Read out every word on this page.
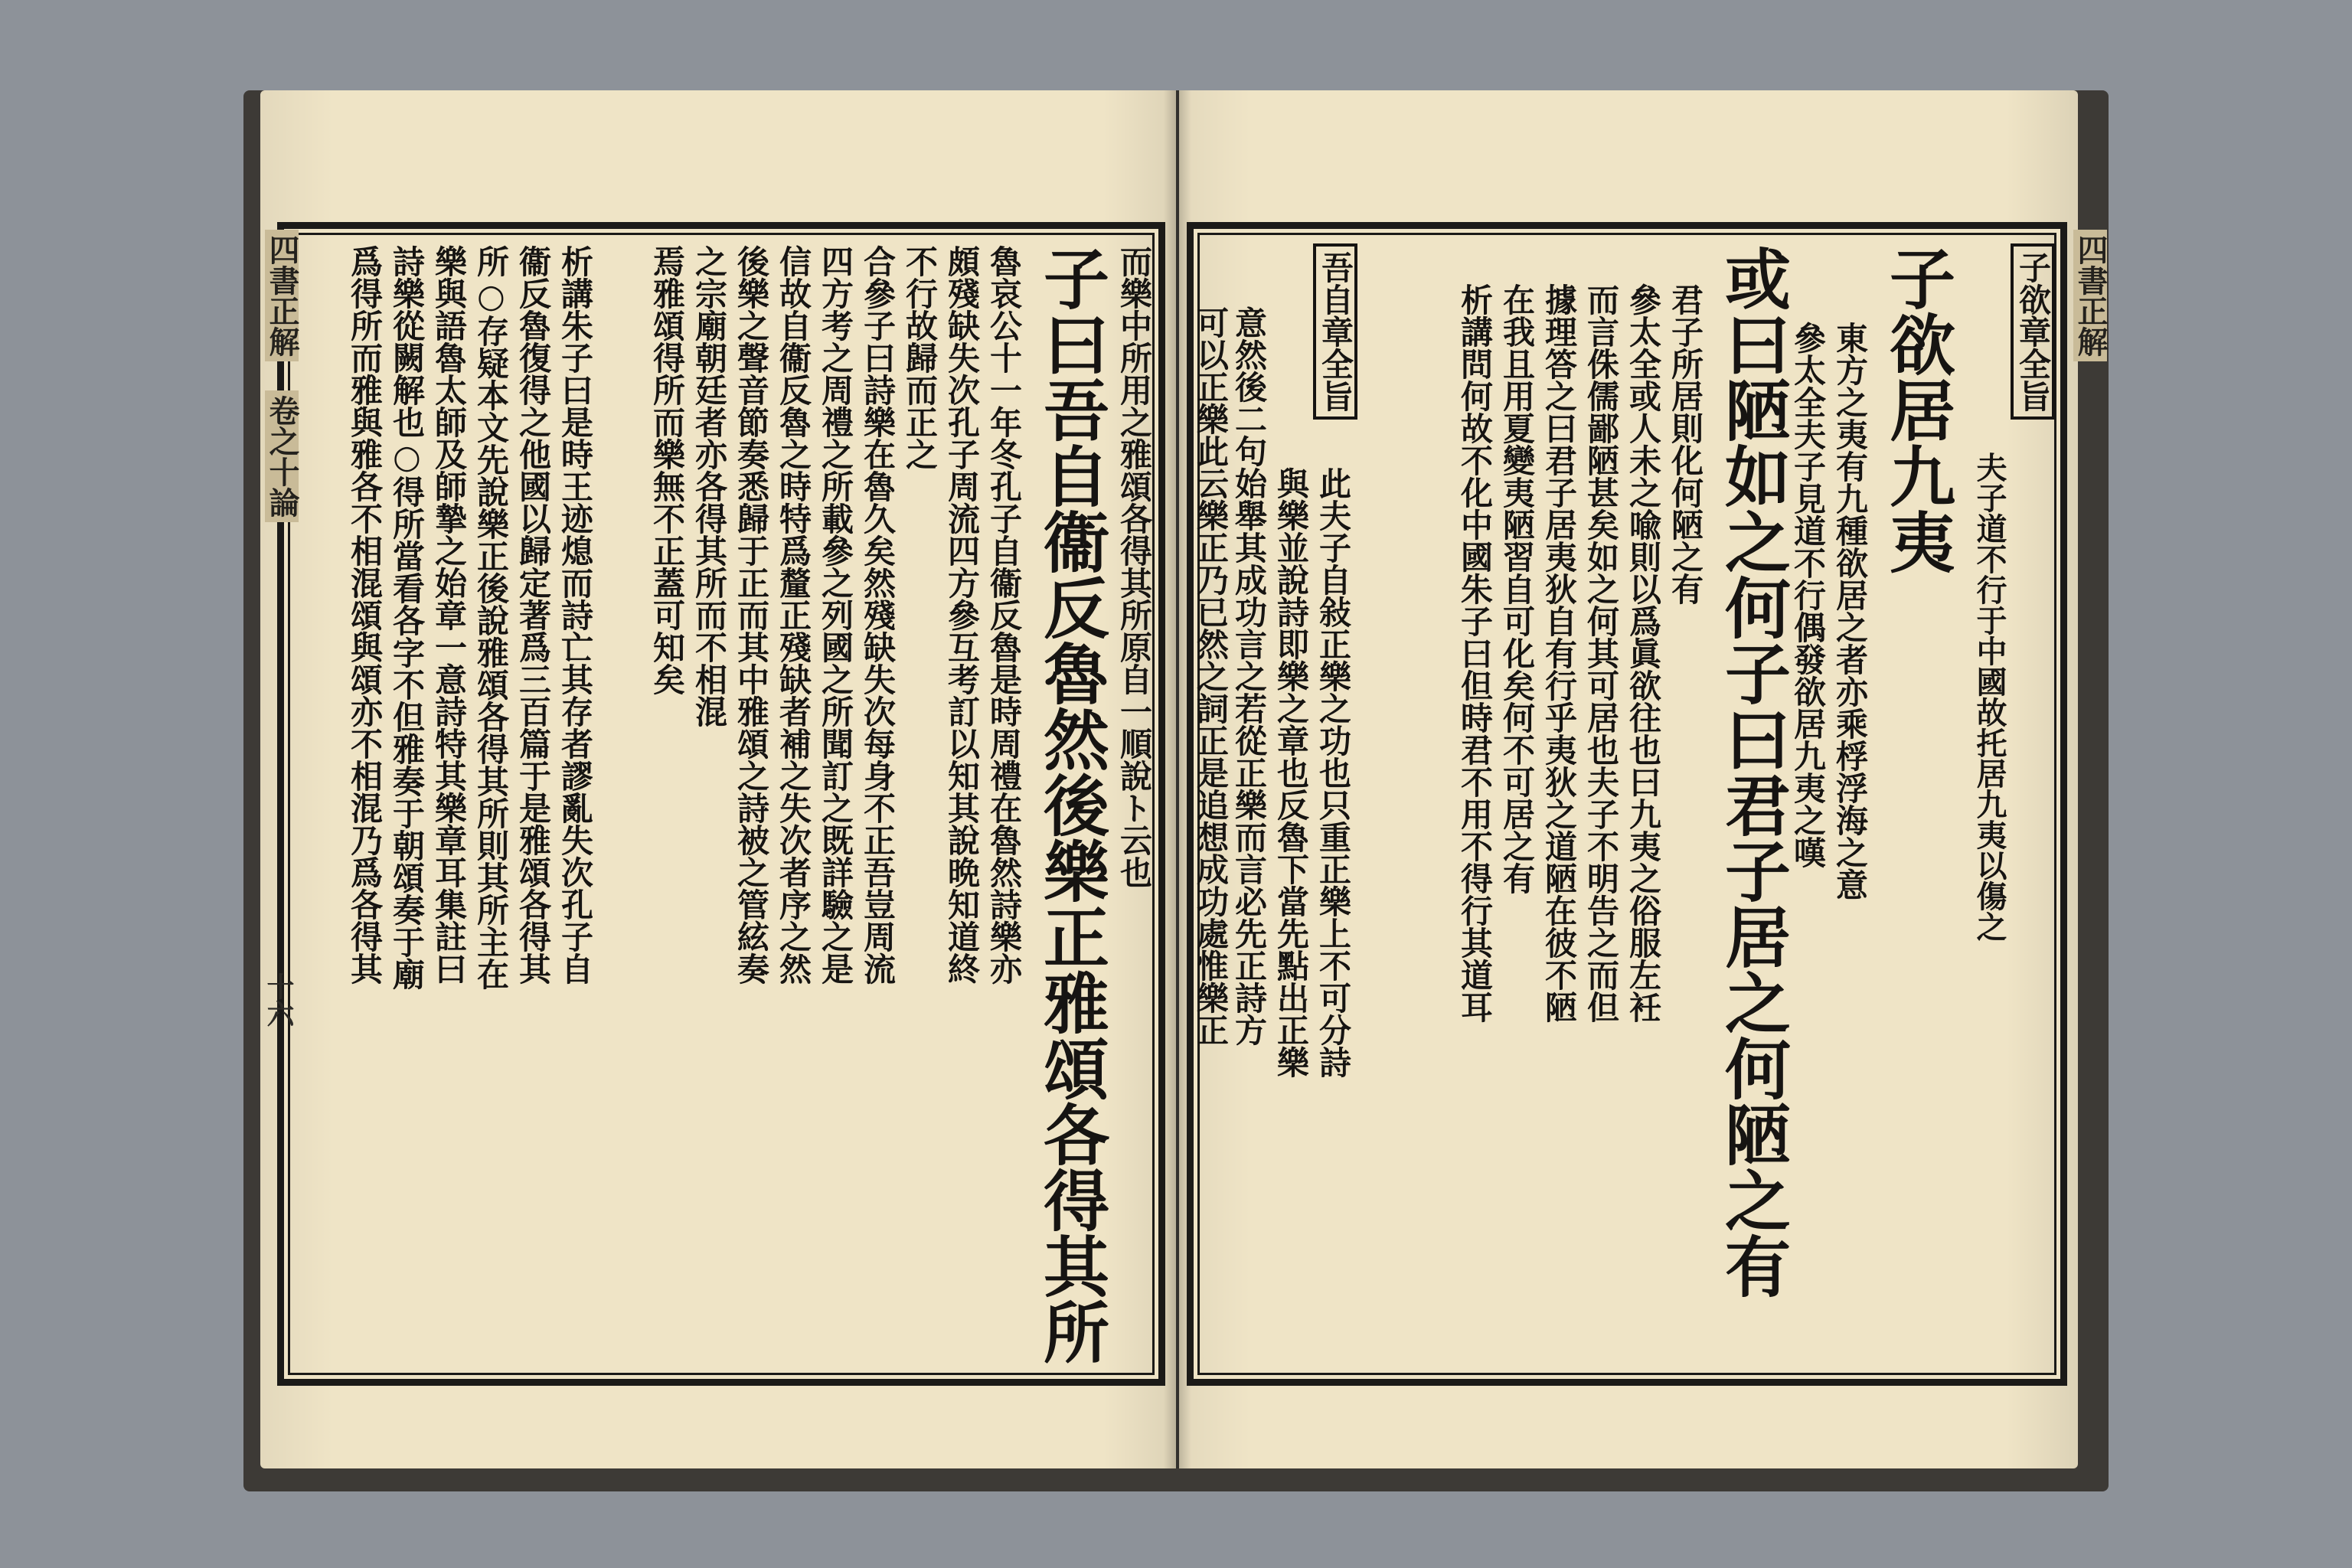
四書正解
卷之十論
十六
而樂中所用之雅頌各得其所原自一順說ト云也
子曰吾自衞反魯然後樂正雅頌各得其所
魯哀公十一年冬孔子自衞反魯是時周禮在魯然詩樂亦
頗殘缺失次孔子周流四方參互考訂以知其說晩知道終
不行故歸而正之
合參子曰詩樂在魯久矣然殘缺失次每身不正吾豈周流
四方考之周禮之所載參之列國之所聞訂之既詳驗之是
信故自衞反魯之時特爲釐正殘缺者補之失次者序之然
後樂之聲音節奏悉歸于正而其中雅頌之詩被之管絃奏
之宗廟朝廷者亦各得其所而不相混
焉雅頌得所而樂無不正蓋可知矣
析講朱子曰是時王迹熄而詩亡其存者謬亂失次孔子自
衞反魯復得之他國以歸定著爲三百篇于是雅頌各得其
所○存疑本文先說樂正後說雅頌各得其所則其所主在
樂與語魯太師及師摯之始章一意詩特其樂章耳集註曰
詩樂從闕解也○得所當看各字不但雅奏于朝頌奏于廟
爲得所而雅與雅各不相混頌與頌亦不相混乃爲各得其	四書正解
子欲章全旨
夫子道不行于中國故托居九夷以傷之
子欲居九夷
東方之夷有九種欲居之者亦乘桴浮海之意
參太全夫子見道不行偶發欲居九夷之嘆
或曰陋如之何子曰君子居之何陋之有
君子所居則化何陋之有
參太全或人未之喩則以爲眞欲往也曰九夷之俗服左衽
而言侏儒鄙陋甚矣如之何其可居也夫子不明告之而但
據理答之曰君子居夷狄自有行乎夷狄之道陋在彼不陋
在我且用夏變夷陋習自可化矣何不可居之有
析講問何故不化中國朱子曰但時君不用不得行其道耳
吾自章全旨
此夫子自敍正樂之功也只重正樂上不可分詩
與樂並說詩即樂之章也反魯下當先點出正樂
意然後二句始舉其成功言之若從正樂而言必先正詩方
可以正樂此云樂正乃已然之詞正是追想成功處惟樂正
